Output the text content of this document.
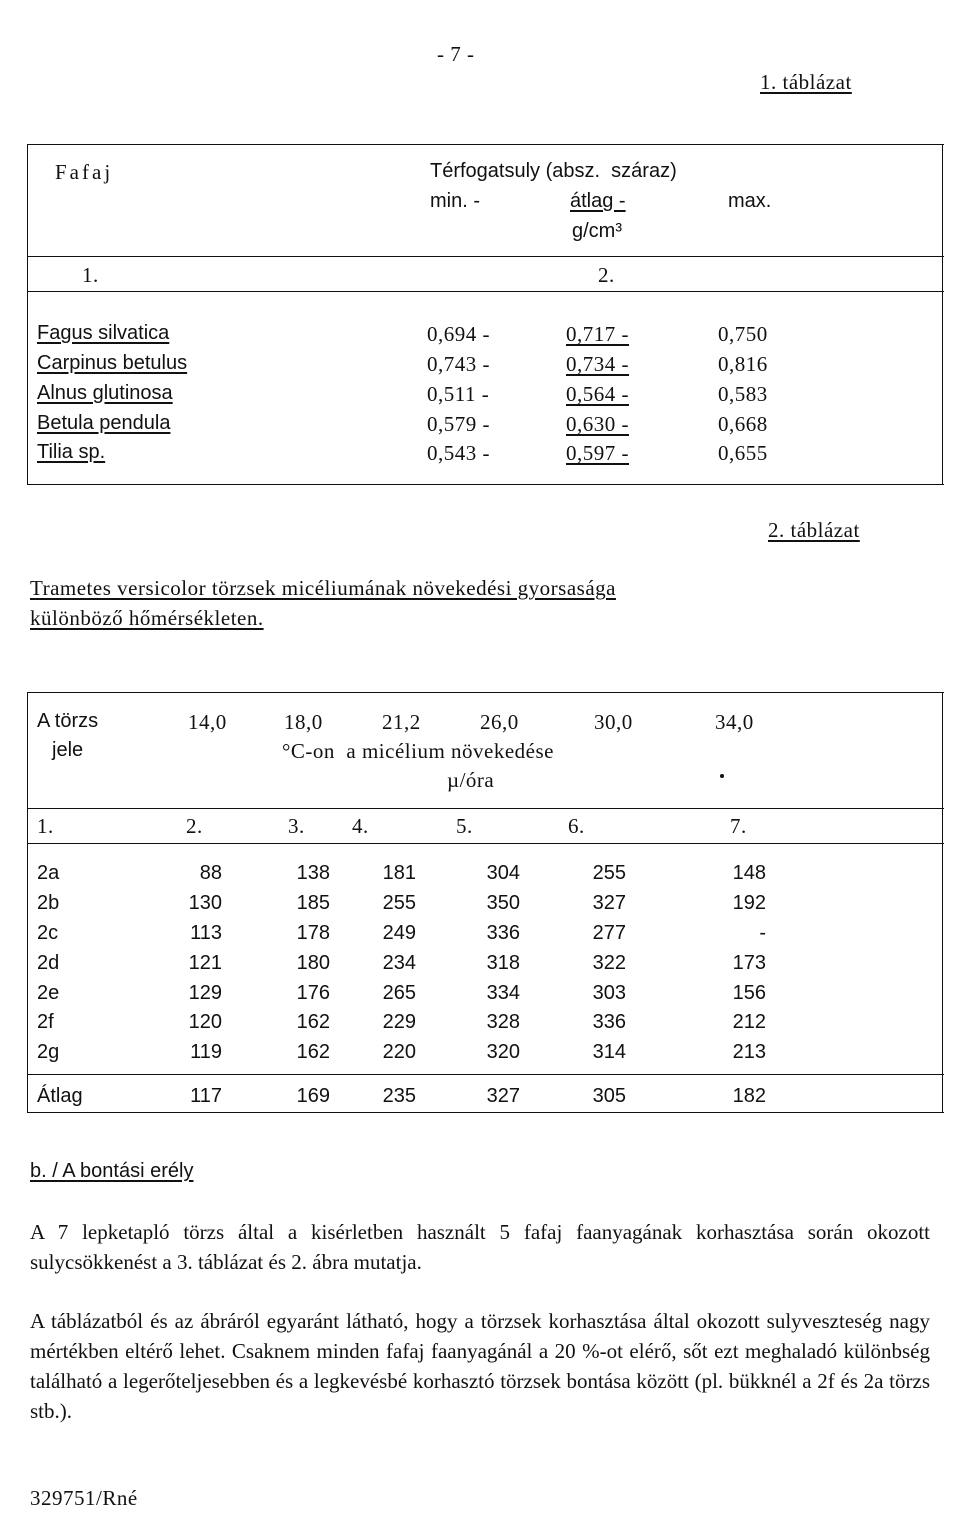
- 7 -
1. táblázat
Fafaj	Térfogatsuly (absz.  száraz)
min. -	átlag -	max.
g/cm³
1.	2.
Fagus silvatica	0,694 -	0,717 -	0,750
Carpinus betulus	0,743 -	0,734 -	0,816
Alnus glutinosa	0,511 -	0,564 -	0,583
Betula pendula	0,579 -	0,630 -	0,668
Tilia sp.	0,543 -	0,597 -	0,655
2. táblázat
Trametes versicolor törzsek micéliumának növekedési gyorsasága
különböző hőmérsékleten.
A törzs
jele
14,0	18,0	21,2	26,0	30,0	34,0
°C-on  a micélium növekedése
µ/óra
1.	2.	3. 4.	5.	6.	7.
2a	88	138	181	304	255	148
2b	130	185	255	350	327	192
2c	113	178	249	336	277	-
2d	121	180	234	318	322	173
2e	129	176	265	334	303	156
2f	120	162	229	328	336	212
2g	119	162	220	320	314	213
Átlag	117	169	235	327	305	182
b. / A bontási erély

A 7 lepketapló törzs által a kisérletben használt 5 fafaj faanyagának korhasztása során okozott sulycsökkenést a 3. táblázat és 2. ábra mutatja.

A táblázatból és az ábráról egyaránt látható, hogy a törzsek korhasztása által okozott sulyveszteség nagy mértékben eltérő lehet. Csaknem minden fafaj faanyagánál a 20 %-ot elérő, sőt ezt meghaladó különbség található a legerőteljesebben és a legkevésbé korhasztó törzsek bontása között (pl. bükknél a 2f és 2a törzs stb.).

329751/Rné
